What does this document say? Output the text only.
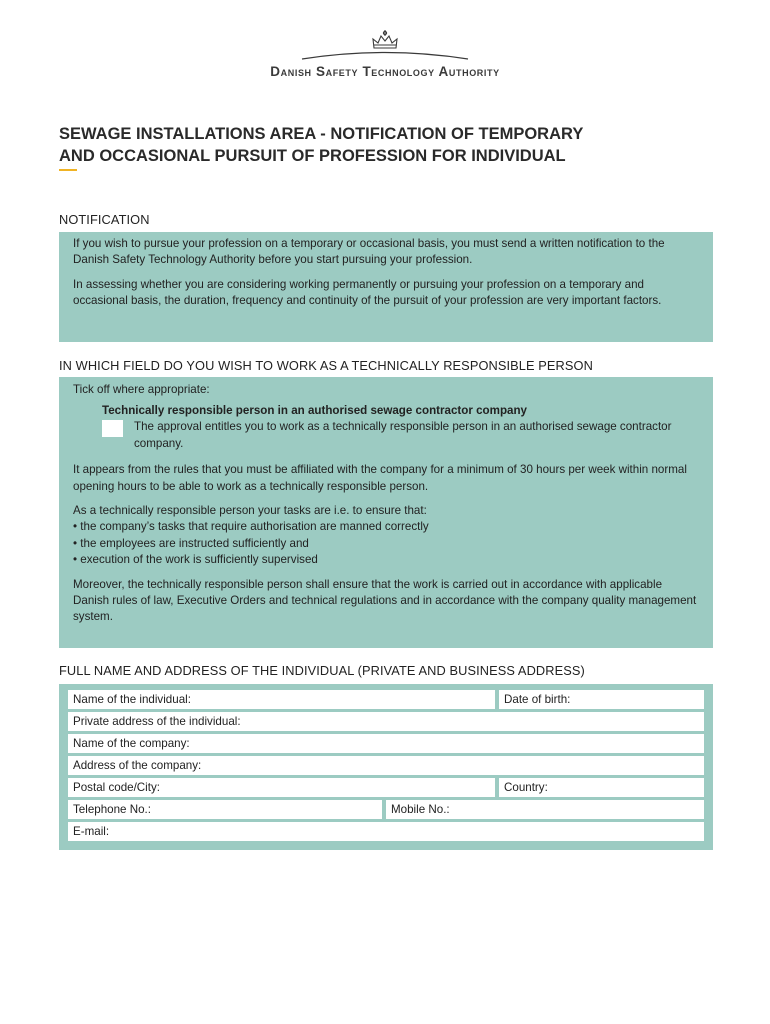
Danish Safety Technology Authority
SEWAGE INSTALLATIONS AREA - NOTIFICATION OF TEMPORARY
AND OCCASIONAL PURSUIT OF PROFESSION FOR INDIVIDUAL
NOTIFICATION

If you wish to pursue your profession on a temporary or occasional basis, you must send a written notification to the Danish Safety Technology Authority before you start pursuing your profession.

In assessing whether you are considering working permanently or pursuing your profession on a temporary and occasional basis, the duration, frequency and continuity of the pursuit of your profession are very important factors.

IN WHICH FIELD DO YOU WISH TO WORK AS A TECHNICALLY RESPONSIBLE PERSON

Tick off where appropriate:

Technically responsible person in an authorised sewage contractor company

The approval entitles you to work as a technically responsible person in an authorised sewage contractor company.

It appears from the rules that you must be affiliated with the company for a minimum of 30 hours per week within normal opening hours to be able to work as a technically responsible person.

As a technically responsible person your tasks are i.e. to ensure that:

• the company’s tasks that require authorisation are manned correctly

• the employees are instructed sufficiently and

• execution of the work is sufficiently supervised

Moreover, the technically responsible person shall ensure that the work is carried out in accordance with applicable Danish rules of law, Executive Orders and technical regulations and in accordance with the company quality management system.

FULL NAME AND ADDRESS OF THE INDIVIDUAL (PRIVATE AND BUSINESS ADDRESS)
Name of the individual:	Date of birth:
Private address of the individual:
Name of the company:
Address of the company:
Postal code/City:	Country:
Telephone No.:	Mobile No.:
E-mail:
